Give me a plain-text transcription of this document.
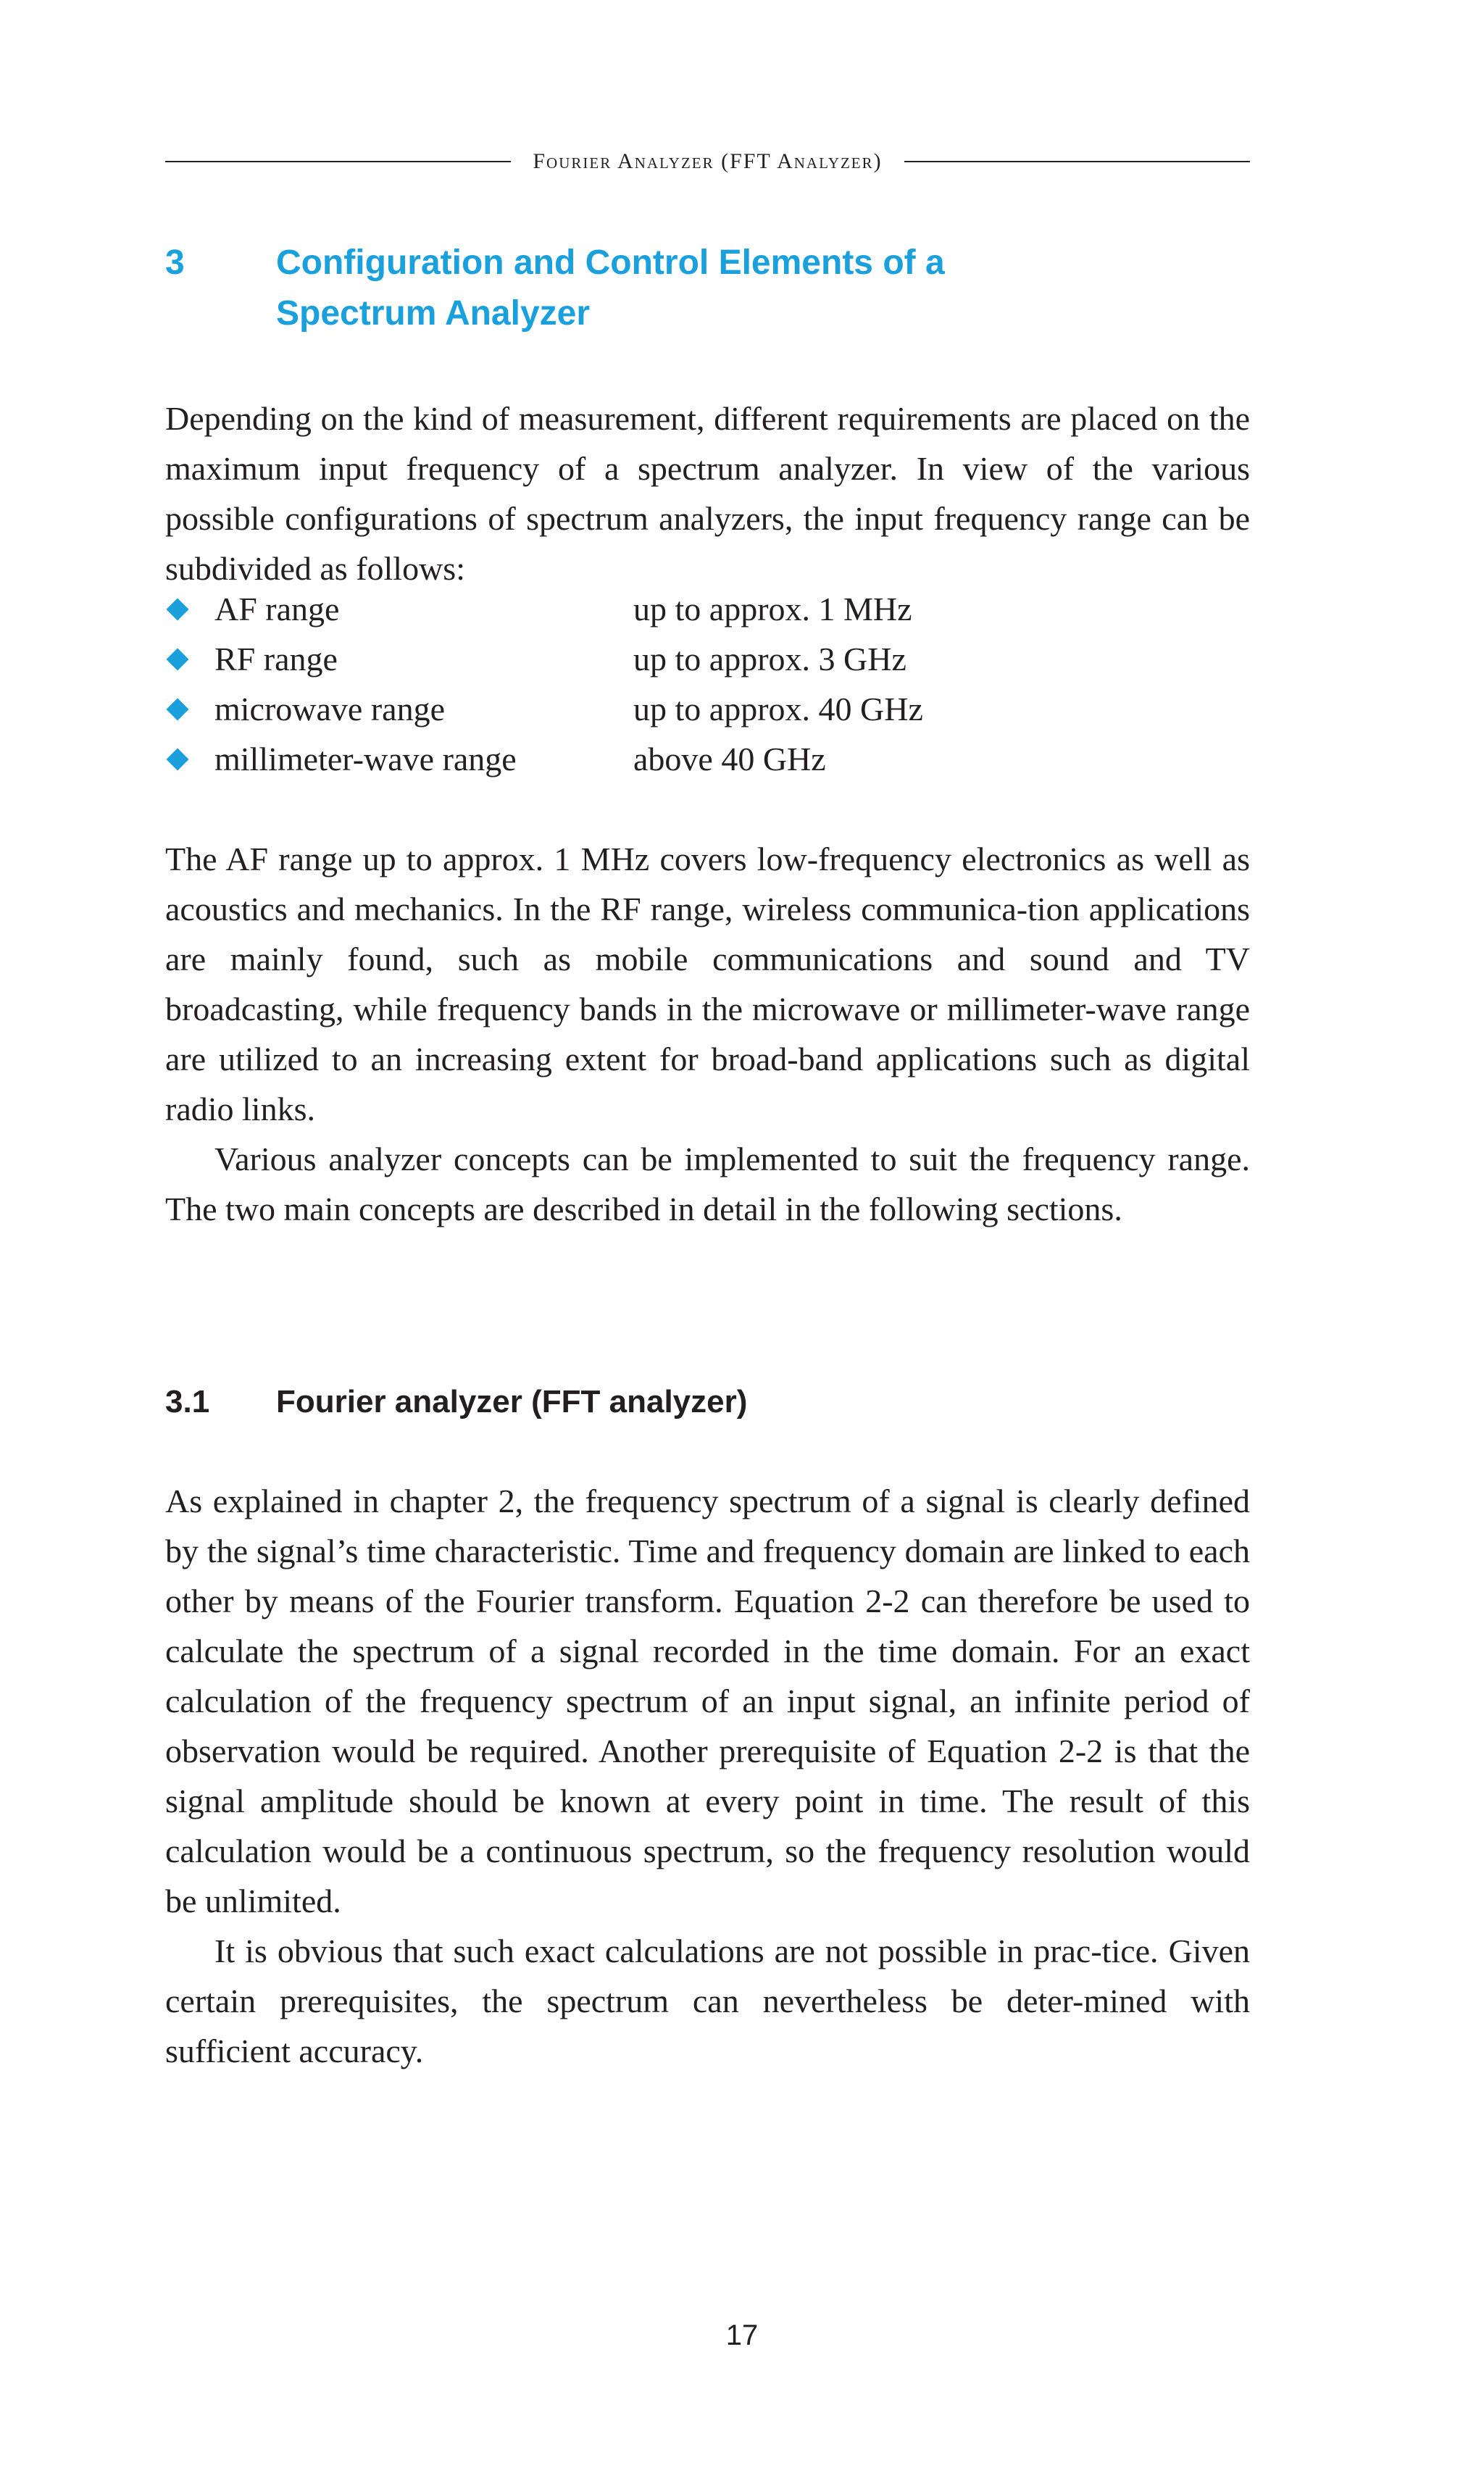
Fourier Analyzer (FFT Analyzer)
3	Configuration and Control Elements of a Spectrum Analyzer

Depending on the kind of measurement, different requirements are placed on the maximum input frequency of a spectrum analyzer. In view of the various possible configurations of spectrum analyzers, the input frequency range can be subdivided as follows:

AF range	up to approx. 1 MHz
RF range	up to approx. 3 GHz
microwave range	up to approx. 40 GHz
millimeter-wave range	above 40 GHz

The AF range up to approx. 1 MHz covers low-frequency electronics as well as acoustics and mechanics. In the RF range, wireless communica-tion applications are mainly found, such as mobile communications and sound and TV broadcasting, while frequency bands in the microwave or millimeter-wave range are utilized to an increasing extent for broad-band applications such as digital radio links.

Various analyzer concepts can be implemented to suit the frequency range. The two main concepts are described in detail in the following sections.

3.1 Fourier analyzer (FFT analyzer)

As explained in chapter 2, the frequency spectrum of a signal is clearly defined by the signal’s time characteristic. Time and frequency domain are linked to each other by means of the Fourier transform. Equation 2-2 can therefore be used to calculate the spectrum of a signal recorded in the time domain. For an exact calculation of the frequency spectrum of an input signal, an infinite period of observation would be required. Another prerequisite of Equation 2-2 is that the signal amplitude should be known at every point in time. The result of this calculation would be a continuous spectrum, so the frequency resolution would be unlimited.

It is obvious that such exact calculations are not possible in prac-tice. Given certain prerequisites, the spectrum can nevertheless be deter-mined with sufficient accuracy.

17
